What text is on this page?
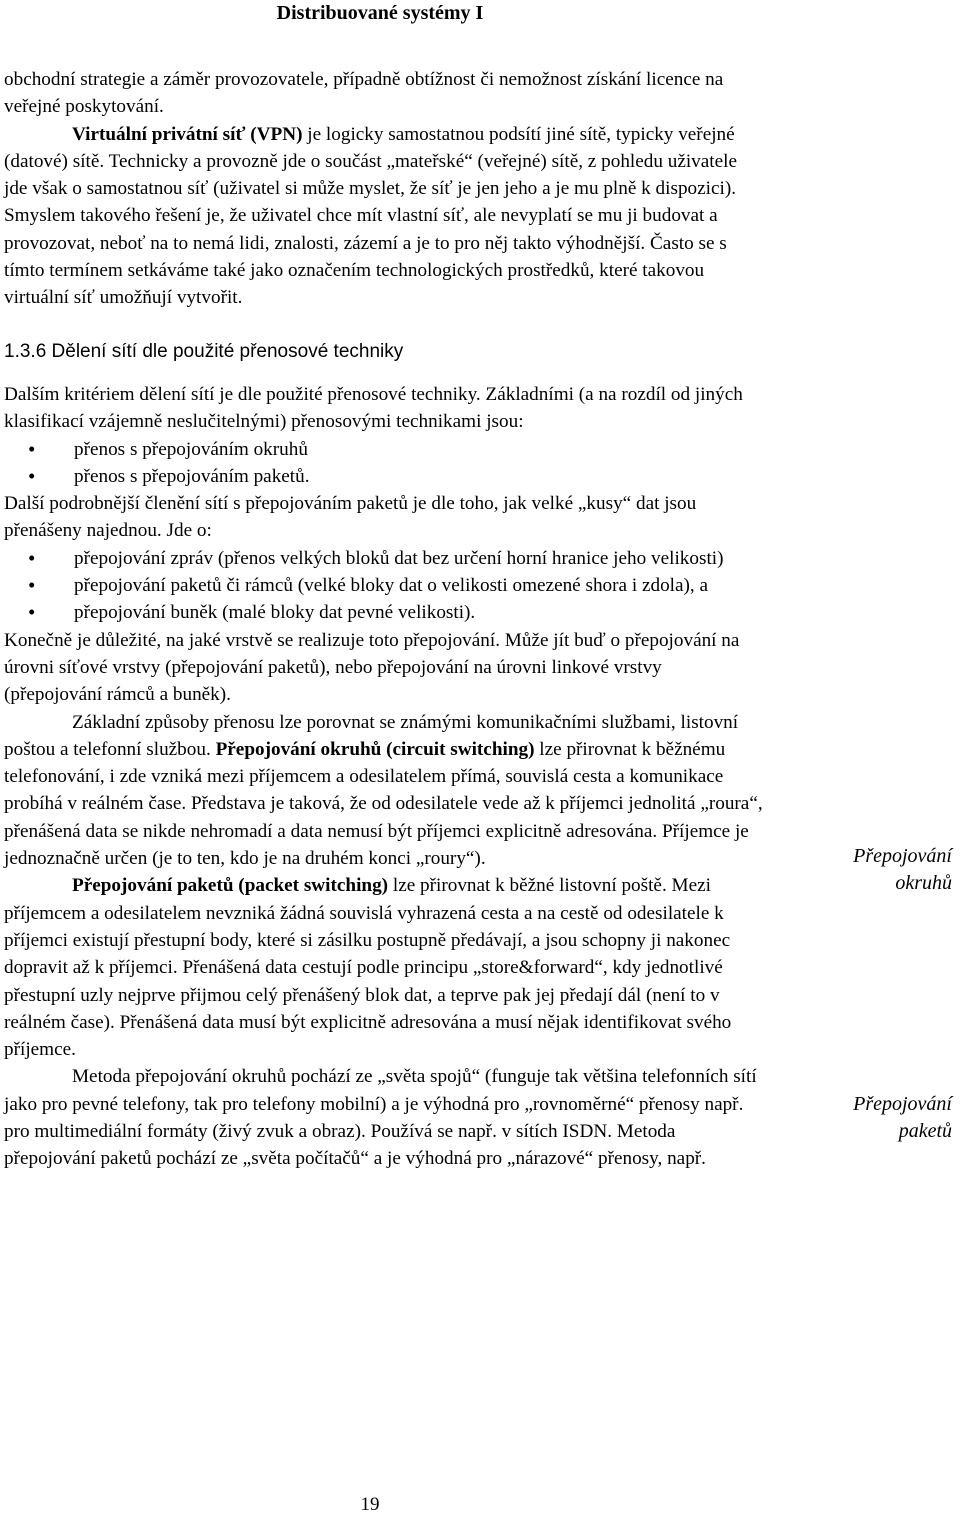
Distribuované systémy I

obchodní strategie a záměr provozovatele, případně obtížnost či nemožnost získání licence na veřejné poskytování.

Virtuální privátní síť (VPN) je logicky samostatnou podsítí jiné sítě, typicky veřejné (datové) sítě. Technicky a provozně jde o součást „mateřské“ (veřejné) sítě, z pohledu uživatele jde však o samostatnou síť (uživatel si může myslet, že síť je jen jeho a je mu plně k dispozici). Smyslem takového řešení je, že uživatel chce mít vlastní síť, ale nevyplatí se mu ji budovat a provozovat, neboť na to nemá lidi, znalosti, zázemí a je to pro něj takto výhodnější. Často se s tímto termínem setkáváme také jako označením technologických prostředků, které takovou virtuální síť umožňují vytvořit.

1.3.6 Dělení sítí dle použité přenosové techniky

Dalším kritériem dělení sítí je dle použité přenosové techniky. Základními (a na rozdíl od jiných klasifikací vzájemně neslučitelnými) přenosovými technikami jsou:

• přenos s přepojováním okruhů
• přenos s přepojováním paketů.

Další podrobnější členění sítí s přepojováním paketů je dle toho, jak velké „kusy“ dat jsou přenášeny najednou. Jde o:

• přepojování zpráv (přenos velkých bloků dat bez určení horní hranice jeho velikosti)
• přepojování paketů či rámců (velké bloky dat o velikosti omezené shora i zdola), a
• přepojování buněk (malé bloky dat pevné velikosti).

Konečně je důležité, na jaké vrstvě se realizuje toto přepojování. Může jít buď o přepojování na úrovni síťové vrstvy (přepojování paketů), nebo přepojování na úrovni linkové vrstvy (přepojování rámců a buněk).

Základní způsoby přenosu lze porovnat se známými komunikačními službami, listovní poštou a telefonní službou. Přepojování okruhů (circuit switching) lze přirovnat k běžnému telefonování, i zde vzniká mezi příjemcem a odesilatelem přímá, souvislá cesta a komunikace probíhá v reálném čase. Představa je taková, že od odesilatele vede až k příjemci jednolitá „roura“, přenášená data se nikde nehromadí a data nemusí být příjemci explicitně adresována. Příjemce je jednoznačně určen (je to ten, kdo je na druhém konci „roury“).

Přepojování paketů (packet switching) lze přirovnat k běžné listovní poště. Mezi příjemcem a odesilatelem nevzniká žádná souvislá vyhrazená cesta a na cestě od odesilatele k příjemci existují přestupní body, které si zásilku postupně předávají, a jsou schopny ji nakonec dopravit až k příjemci. Přenášená data cestují podle principu „store&forward“, kdy jednotlivé přestupní uzly nejprve přijmou celý přenášený blok dat, a teprve pak jej předají dál (není to v reálném čase). Přenášená data musí být explicitně adresována a musí nějak identifikovat svého příjemce.

Metoda přepojování okruhů pochází ze „světa spojů“ (funguje tak většina telefonních sítí jako pro pevné telefony, tak pro telefony mobilní) a je výhodná pro „rovnoměrné“ přenosy např. pro multimediální formáty (živý zvuk a obraz). Používá se např. v sítích ISDN. Metoda přepojování paketů pochází ze „světa počítačů“ a je výhodná pro „nárazové“ přenosy, např.

Přepojování
okruhů
Přepojování
paketů
19
